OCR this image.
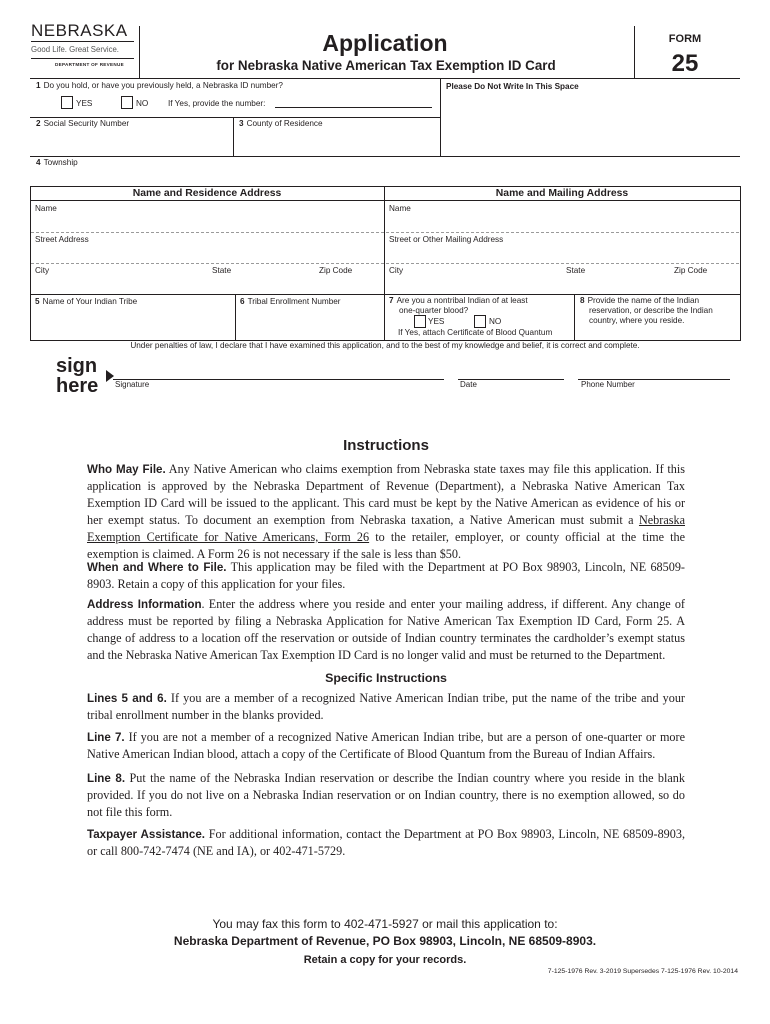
NEBRASKA
Good Life. Great Service.
DEPARTMENT OF REVENUE
Application
for Nebraska Native American Tax Exemption ID Card
FORM
25
1 Do you hold, or have you previously held, a Nebraska ID number?	Please Do Not Write In This Space
YES	NO If Yes, provide the number:
2 Social Security Number	3 County of Residence
4 Township
Name and Residence Address	Name and Mailing Address
Name	Name
Street Address	Street or Other Mailing Address
City	State	Zip Code	City	State	Zip Code
5 Name of Your Indian Tribe	6 Tribal Enrollment Number	7 Are you a nontribal Indian of at least
one-quarter blood?
YES	NO
If Yes, attach Certificate of Blood Quantum
8 Provide the name of the Indian
reservation, or describe the Indian
country, where you reside.
Under penalties of law, I declare that I have examined this application, and to the best of my knowledge and belief, it is correct and complete.
sign
here Signature	Date	Phone Number
Instructions
Who May File. Any Native American who claims exemption from Nebraska state taxes may file this application. If this application is approved by the Nebraska Department of Revenue (Department), a Nebraska Native American Tax Exemption ID Card will be issued to the applicant. This card must be kept by the Native American as evidence of his or her exempt status. To document an exemption from Nebraska taxation, a Native American must submit a Nebraska Exemption Certificate for Native Americans, Form 26 to the retailer, employer, or county official at the time the exemption is claimed. A Form 26 is not necessary if the sale is less than $50.
When and Where to File. This application may be filed with the Department at PO Box 98903, Lincoln, NE 68509-8903. Retain a copy of this application for your files.
Address Information. Enter the address where you reside and enter your mailing address, if different. Any change of address must be reported by filing a Nebraska Application for Native American Tax Exemption ID Card, Form 25. A change of address to a location off the reservation or outside of Indian country terminates the cardholder’s exempt status and the Nebraska Native American Tax Exemption ID Card is no longer valid and must be returned to the Department.
Specific Instructions
Lines 5 and 6. If you are a member of a recognized Native American Indian tribe, put the name of the tribe and your tribal enrollment number in the blanks provided.
Line 7. If you are not a member of a recognized Native American Indian tribe, but are a person of one-quarter or more Native American Indian blood, attach a copy of the Certificate of Blood Quantum from the Bureau of Indian Affairs.
Line 8. Put the name of the Nebraska Indian reservation or describe the Indian country where you reside in the blank provided. If you do not live on a Nebraska Indian reservation or on Indian country, there is no exemption allowed, so do not file this form.
Taxpayer Assistance. For additional information, contact the Department at PO Box 98903, Lincoln, NE 68509-8903, or call 800-742-7474 (NE and IA), or 402-471-5729.
You may fax this form to 402-471-5927 or mail this application to:
Nebraska Department of Revenue, PO Box 98903, Lincoln, NE 68509-8903.
Retain a copy for your records.
7-125-1976 Rev. 3-2019 Supersedes 7-125-1976 Rev. 10-2014
